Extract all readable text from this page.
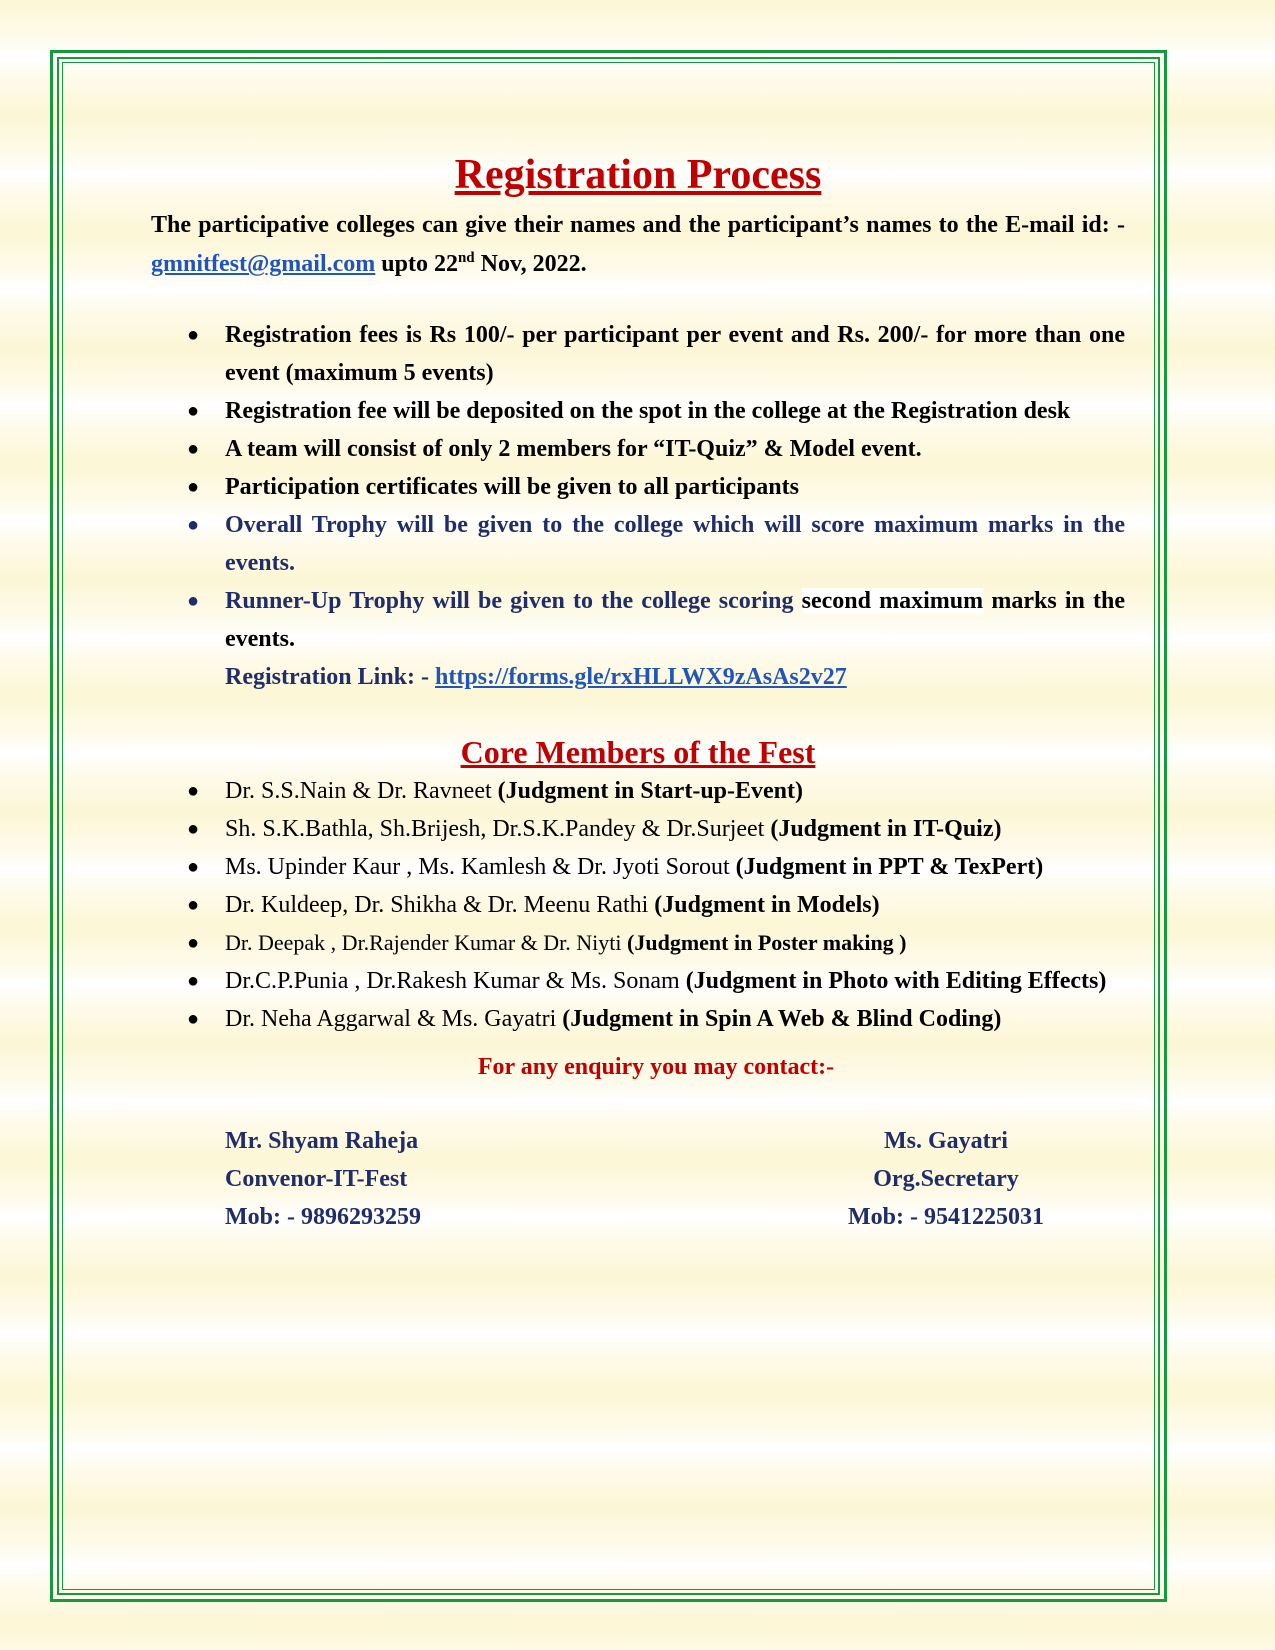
Registration Process

The participative colleges can give their names and the participant’s names to the E-mail id: - gmnitfest@gmail.com upto 22nd Nov, 2022.

● Registration fees is Rs 100/- per participant per event and Rs. 200/- for more than one event (maximum 5 events)
● Registration fee will be deposited on the spot in the college at the Registration desk
● A team will consist of only 2 members for “IT-Quiz” & Model event.
● Participation certificates will be given to all participants
● Overall Trophy will be given to the college which will score maximum marks in the events.
● Runner-Up Trophy will be given to the college scoring second maximum marks in the events.
Registration Link: - https://forms.gle/rxHLLWX9zAsAs2v27
Core Members of the Fest
● Dr. S.S.Nain & Dr. Ravneet (Judgment in Start-up-Event)
● Sh. S.K.Bathla, Sh.Brijesh, Dr.S.K.Pandey & Dr.Surjeet (Judgment in IT-Quiz)
● Ms. Upinder Kaur , Ms. Kamlesh & Dr. Jyoti Sorout (Judgment in PPT & TexPert)
● Dr. Kuldeep, Dr. Shikha & Dr. Meenu Rathi (Judgment in Models)
● Dr. Deepak , Dr.Rajender Kumar & Dr. Niyti (Judgment in Poster making )
● Dr.C.P.Punia , Dr.Rakesh Kumar & Ms. Sonam (Judgment in Photo with Editing Effects)
● Dr. Neha Aggarwal & Ms. Gayatri (Judgment in Spin A Web & Blind Coding)
For any enquiry you may contact:-
Mr. Shyam Raheja
Convenor-IT-Fest
Mob: - 9896293259
Ms. Gayatri
Org.Secretary
Mob: - 9541225031
